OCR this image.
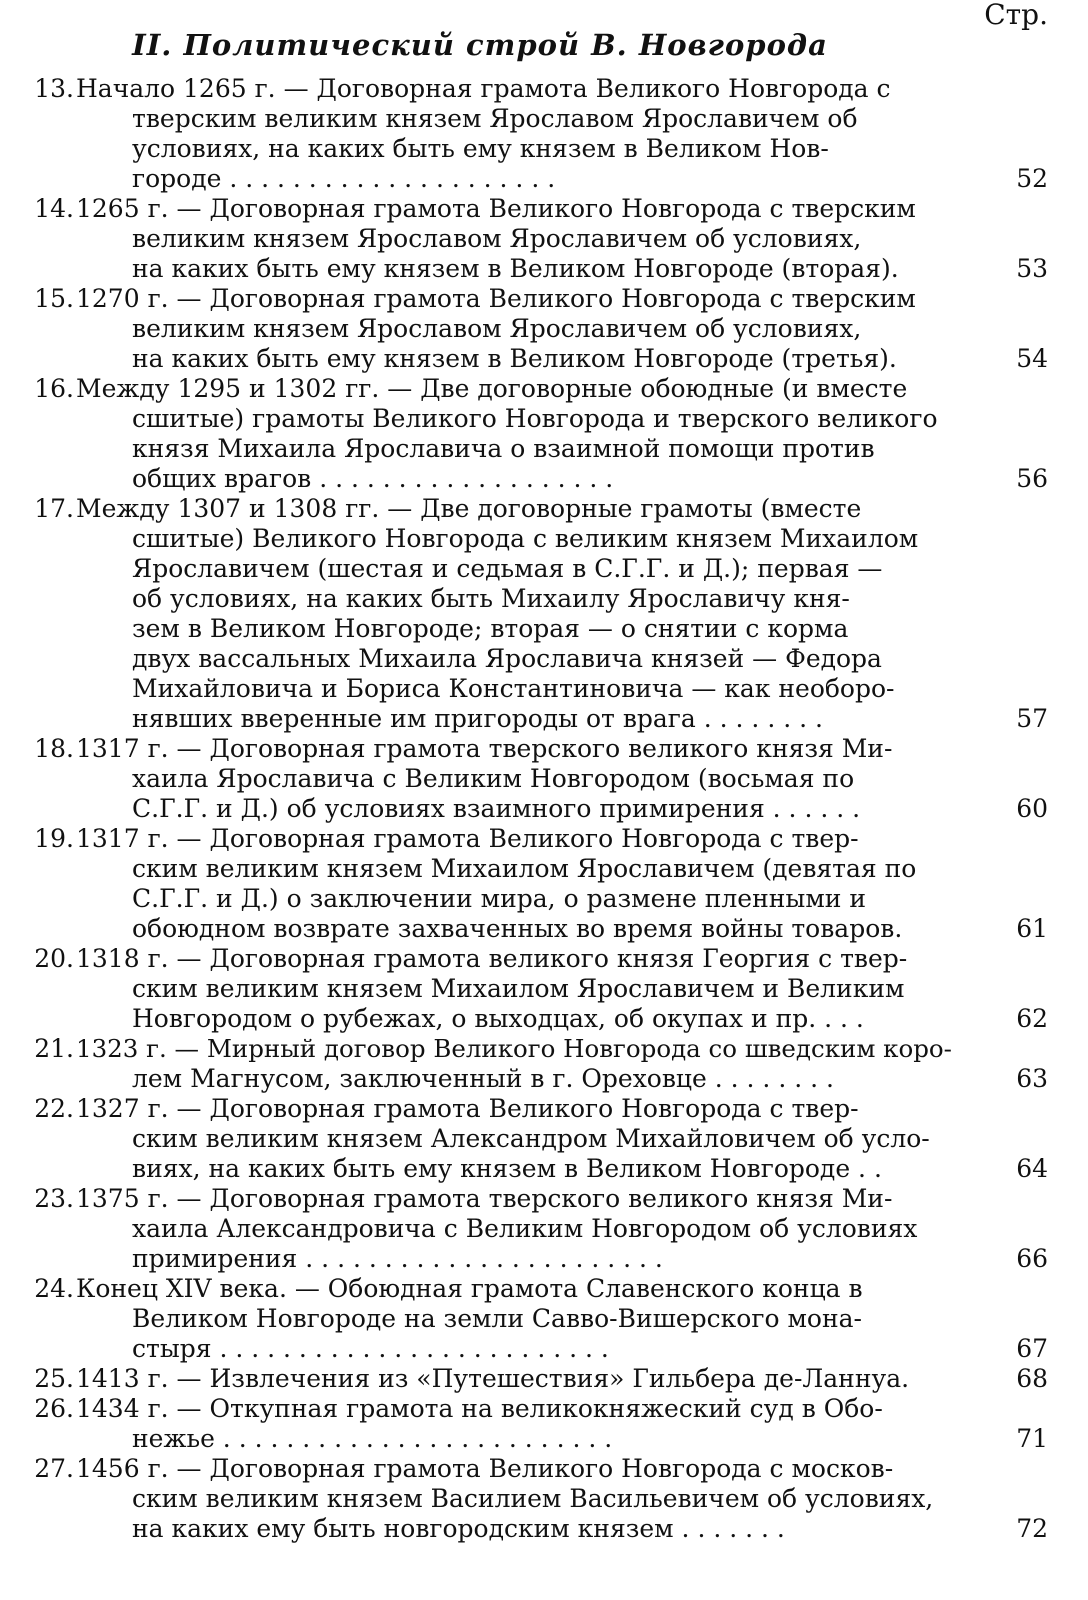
Стр.
II. Политический строй В. Новгорода
13. Начало 1265 г. — Договорная грамота Великого Новгорода с
тверским великим князем Ярославом Ярославичем об
условиях, на каких быть ему князем в Великом Нов-
городе . . . . . . . . . . . . . . . . . . . . .	52
14. 1265 г. — Договорная грамота Великого Новгорода с тверским
великим князем Ярославом Ярославичем об условиях,
на каких быть ему князем в Великом Новгороде (вторая).	53
15. 1270 г. — Договорная грамота Великого Новгорода с тверским
великим князем Ярославом Ярославичем об условиях,
на каких быть ему князем в Великом Новгороде (третья).	54
16. Между 1295 и 1302 гг. — Две договорные обоюдные (и вместе
сшитые) грамоты Великого Новгорода и тверского великого
князя Михаила Ярославича о взаимной помощи против
общих врагов . . . . . . . . . . . . . . . . . . .	56
17. Между 1307 и 1308 гг. — Две договорные грамоты (вместе
сшитые) Великого Новгорода с великим князем Михаилом
Ярославичем (шестая и седьмая в С.Г.Г. и Д.); первая —
об условиях, на каких быть Михаилу Ярославичу кня-
зем в Великом Новгороде; вторая — о снятии с корма
двух вассальных Михаила Ярославича князей — Федора
Михайловича и Бориса Константиновича — как необоро-
нявших вверенные им пригороды от врага . . . . . . . .	57
18. 1317 г. — Договорная грамота тверского великого князя Ми-
хаила Ярославича с Великим Новгородом (восьмая по
С.Г.Г. и Д.) об условиях взаимного примирения . . . . . .	60
19. 1317 г. — Договорная грамота Великого Новгорода с твер-
ским великим князем Михаилом Ярославичем (девятая по
С.Г.Г. и Д.) о заключении мира, о размене пленными и
обоюдном возврате захваченных во время войны товаров.	61
20. 1318 г. — Договорная грамота великого князя Георгия с твер-
ским великим князем Михаилом Ярославичем и Великим
Новгородом о рубежах, о выходцах, об окупах и пр. . . .	62
21. 1323 г. — Мирный договор Великого Новгорода со шведским коро-
лем Магнусом, заключенный в г. Ореховце . . . . . . . .	63
22. 1327 г. — Договорная грамота Великого Новгорода с твер-
ским великим князем Александром Михайловичем об усло-
виях, на каких быть ему князем в Великом Новгороде . .	64
23. 1375 г. — Договорная грамота тверского великого князя Ми-
хаила Александровича с Великим Новгородом об условиях
примирения . . . . . . . . . . . . . . . . . . . . . . .	66
24. Конец XIV века. — Обоюдная грамота Славенского конца в
Великом Новгороде на земли Савво-Вишерского мона-
стыря . . . . . . . . . . . . . . . . . . . . . . . . .	67
25. 1413 г. — Извлечения из «Путешествия» Гильбера де-Ланнуа.	68
26. 1434 г. — Откупная грамота на великокняжеский суд в Обо-
нежье . . . . . . . . . . . . . . . . . . . . . . . . .	71
27. 1456 г. — Договорная грамота Великого Новгорода с москов-
ским великим князем Василием Васильевичем об условиях,
на каких ему быть новгородским князем . . . . . . .	72
